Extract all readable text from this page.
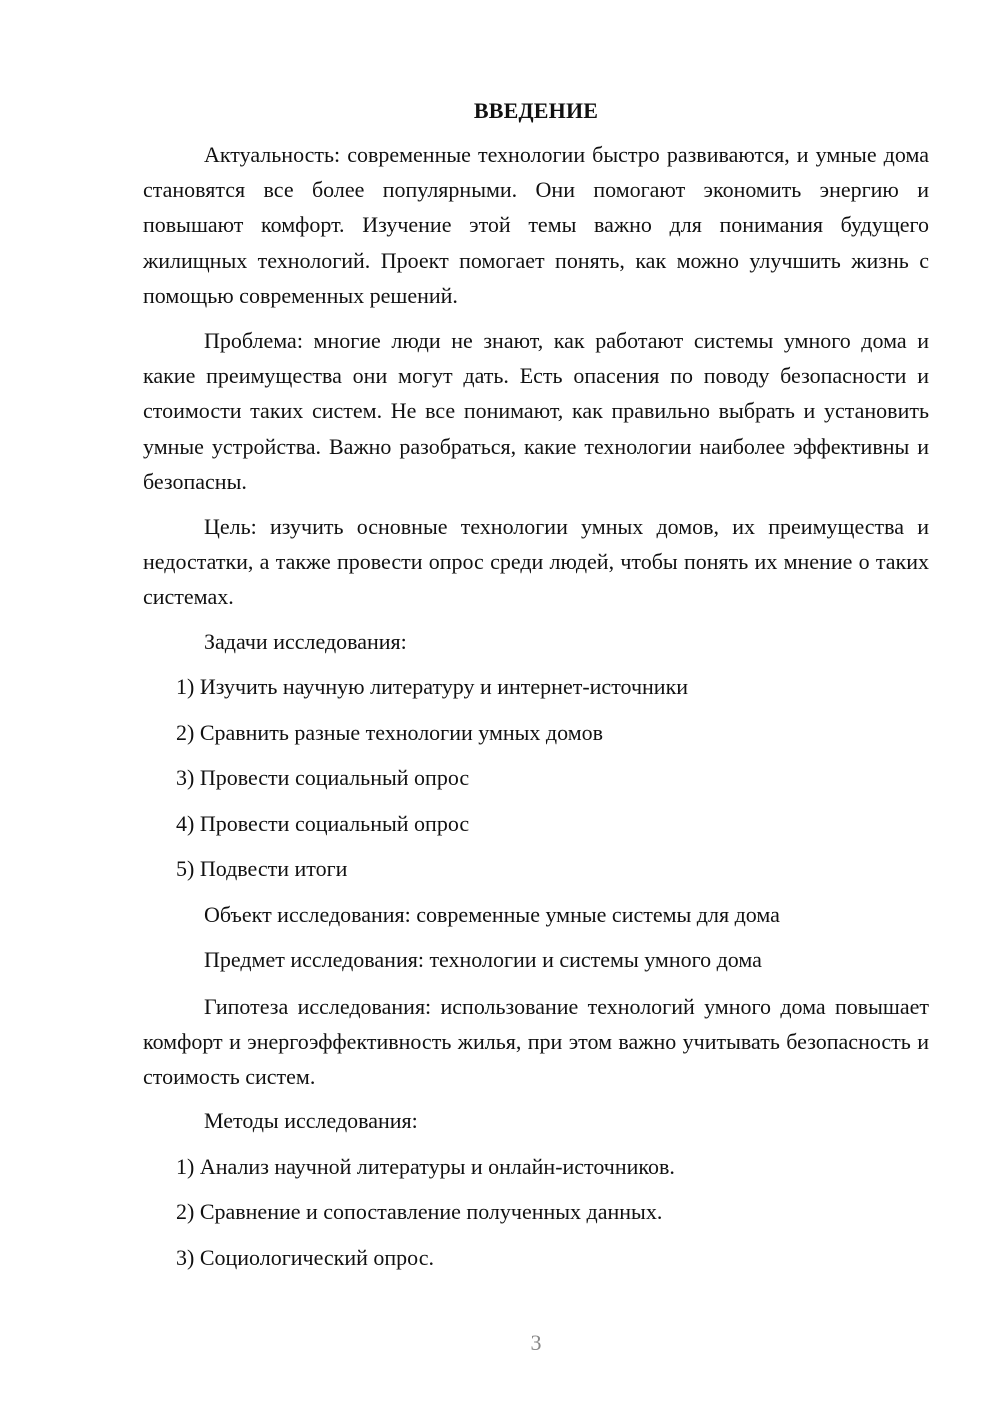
ВВЕДЕНИЕ

Актуальность: современные технологии быстро развиваются, и умные дома становятся все более популярными. Они помогают экономить энергию и повышают комфорт. Изучение этой темы важно для понимания будущего жилищных технологий. Проект помогает понять, как можно улучшить жизнь с помощью современных решений.

Проблема: многие люди не знают, как работают системы умного дома и какие преимущества они могут дать. Есть опасения по поводу безопасности и стоимости таких систем. Не все понимают, как правильно выбрать и установить умные устройства. Важно разобраться, какие технологии наиболее эффективны и безопасны.

Цель: изучить основные технологии умных домов, их преимущества и недостатки, а также провести опрос среди людей, чтобы понять их мнение о таких системах.

Задачи исследования:
1) Изучить научную литературу и интернет-источники
2) Сравнить разные технологии умных домов
3) Провести социальный опрос
4) Провести социальный опрос
5) Подвести итоги
Объект исследования: современные умные системы для дома
Предмет исследования: технологии и системы умного дома

Гипотеза исследования: использование технологий умного дома повышает комфорт и энергоэффективность жилья, при этом важно учитывать безопасность и стоимость систем.

Методы исследования:
1) Анализ научной литературы и онлайн-источников.
2) Сравнение и сопоставление полученных данных.
3) Социологический опрос.
3
